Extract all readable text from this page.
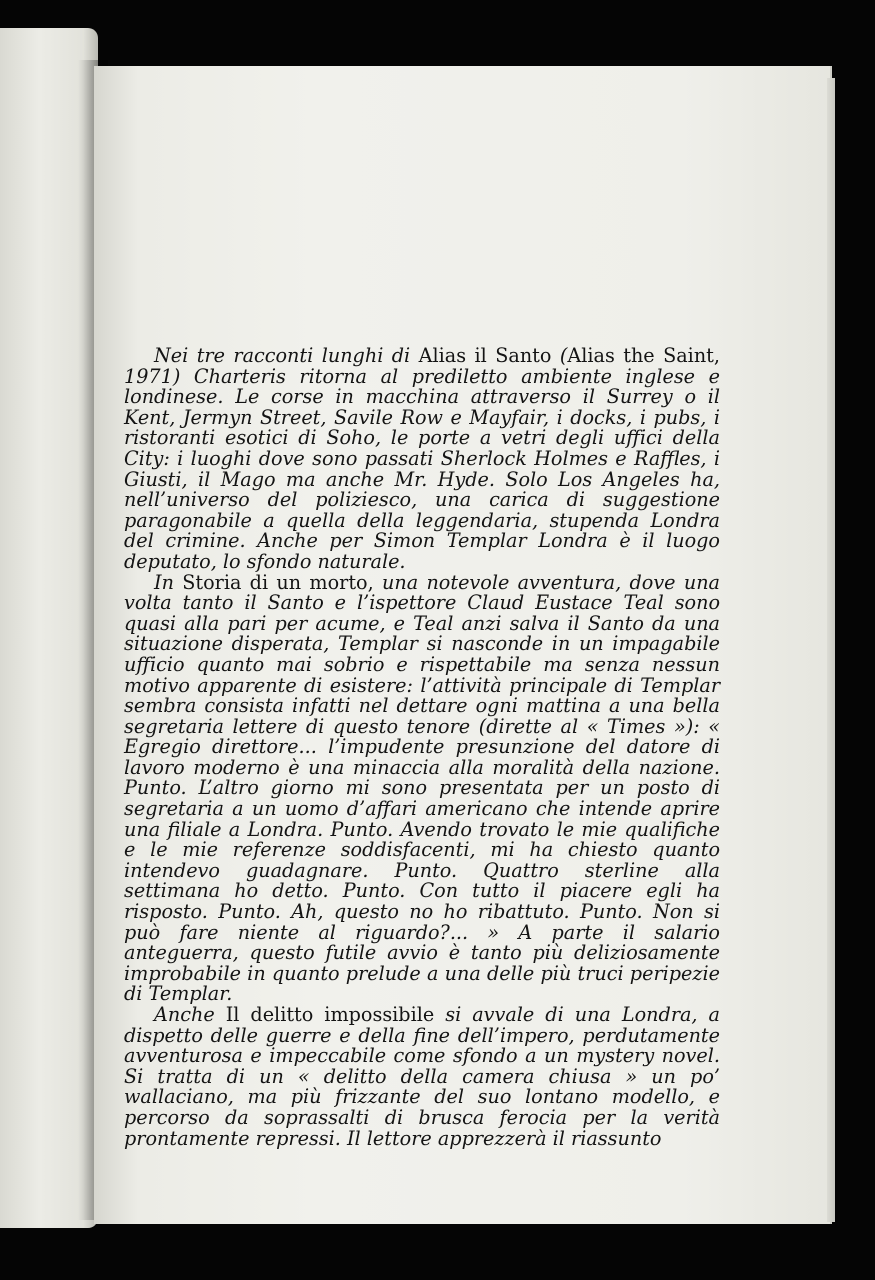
Nei tre racconti lunghi di Alias il Santo (Alias the Saint, 1971) Charteris ritorna al prediletto ambiente inglese e londinese. Le corse in macchina attraverso il Surrey o il Kent, Jermyn Street, Savile Row e Mayfair, i docks, i pubs, i ristoranti esotici di Soho, le porte a vetri degli uffici della City: i luoghi dove sono passati Sherlock Holmes e Raffles, i Giusti, il Mago ma anche Mr. Hyde. Solo Los Angeles ha, nell’universo del poliziesco, una carica di suggestione paragonabile a quella della leggendaria, stupenda Londra del crimine. Anche per Simon Templar Londra è il luogo deputato, lo sfondo naturale.

In Storia di un morto, una notevole avventura, dove una volta tanto il Santo e l’ispettore Claud Eustace Teal sono quasi alla pari per acume, e Teal anzi salva il Santo da una situazione disperata, Templar si nasconde in un impagabile ufficio quanto mai sobrio e rispettabile ma senza nessun motivo apparente di esistere: l’attività principale di Templar sembra consista infatti nel dettare ogni mattina a una bella segretaria lettere di questo tenore (dirette al « Times »): « Egregio direttore... l’impudente presunzione del datore di lavoro moderno è una minaccia alla moralità della nazione. Punto. L’altro giorno mi sono presentata per un posto di segretaria a un uomo d’affari americano che intende aprire una filiale a Londra. Punto. Avendo trovato le mie qualifiche e le mie referenze soddisfacenti, mi ha chiesto quanto intendevo guadagnare. Punto. Quattro sterline alla settimana ho detto. Punto. Con tutto il piacere egli ha risposto. Punto. Ah, questo no ho ribattuto. Punto. Non si può fare niente al riguardo?... » A parte il salario anteguerra, questo futile avvio è tanto più deliziosamente improbabile in quanto prelude a una delle più truci peripezie di Templar.

Anche Il delitto impossibile si avvale di una Londra, a dispetto delle guerre e della fine dell’impero, perdutamente avventurosa e impeccabile come sfondo a un mystery novel. Si tratta di un « delitto della camera chiusa » un po’ wallaciano, ma più frizzante del suo lontano modello, e percorso da soprassalti di brusca ferocia per la verità prontamente repressi. Il lettore apprezzerà il riassunto
